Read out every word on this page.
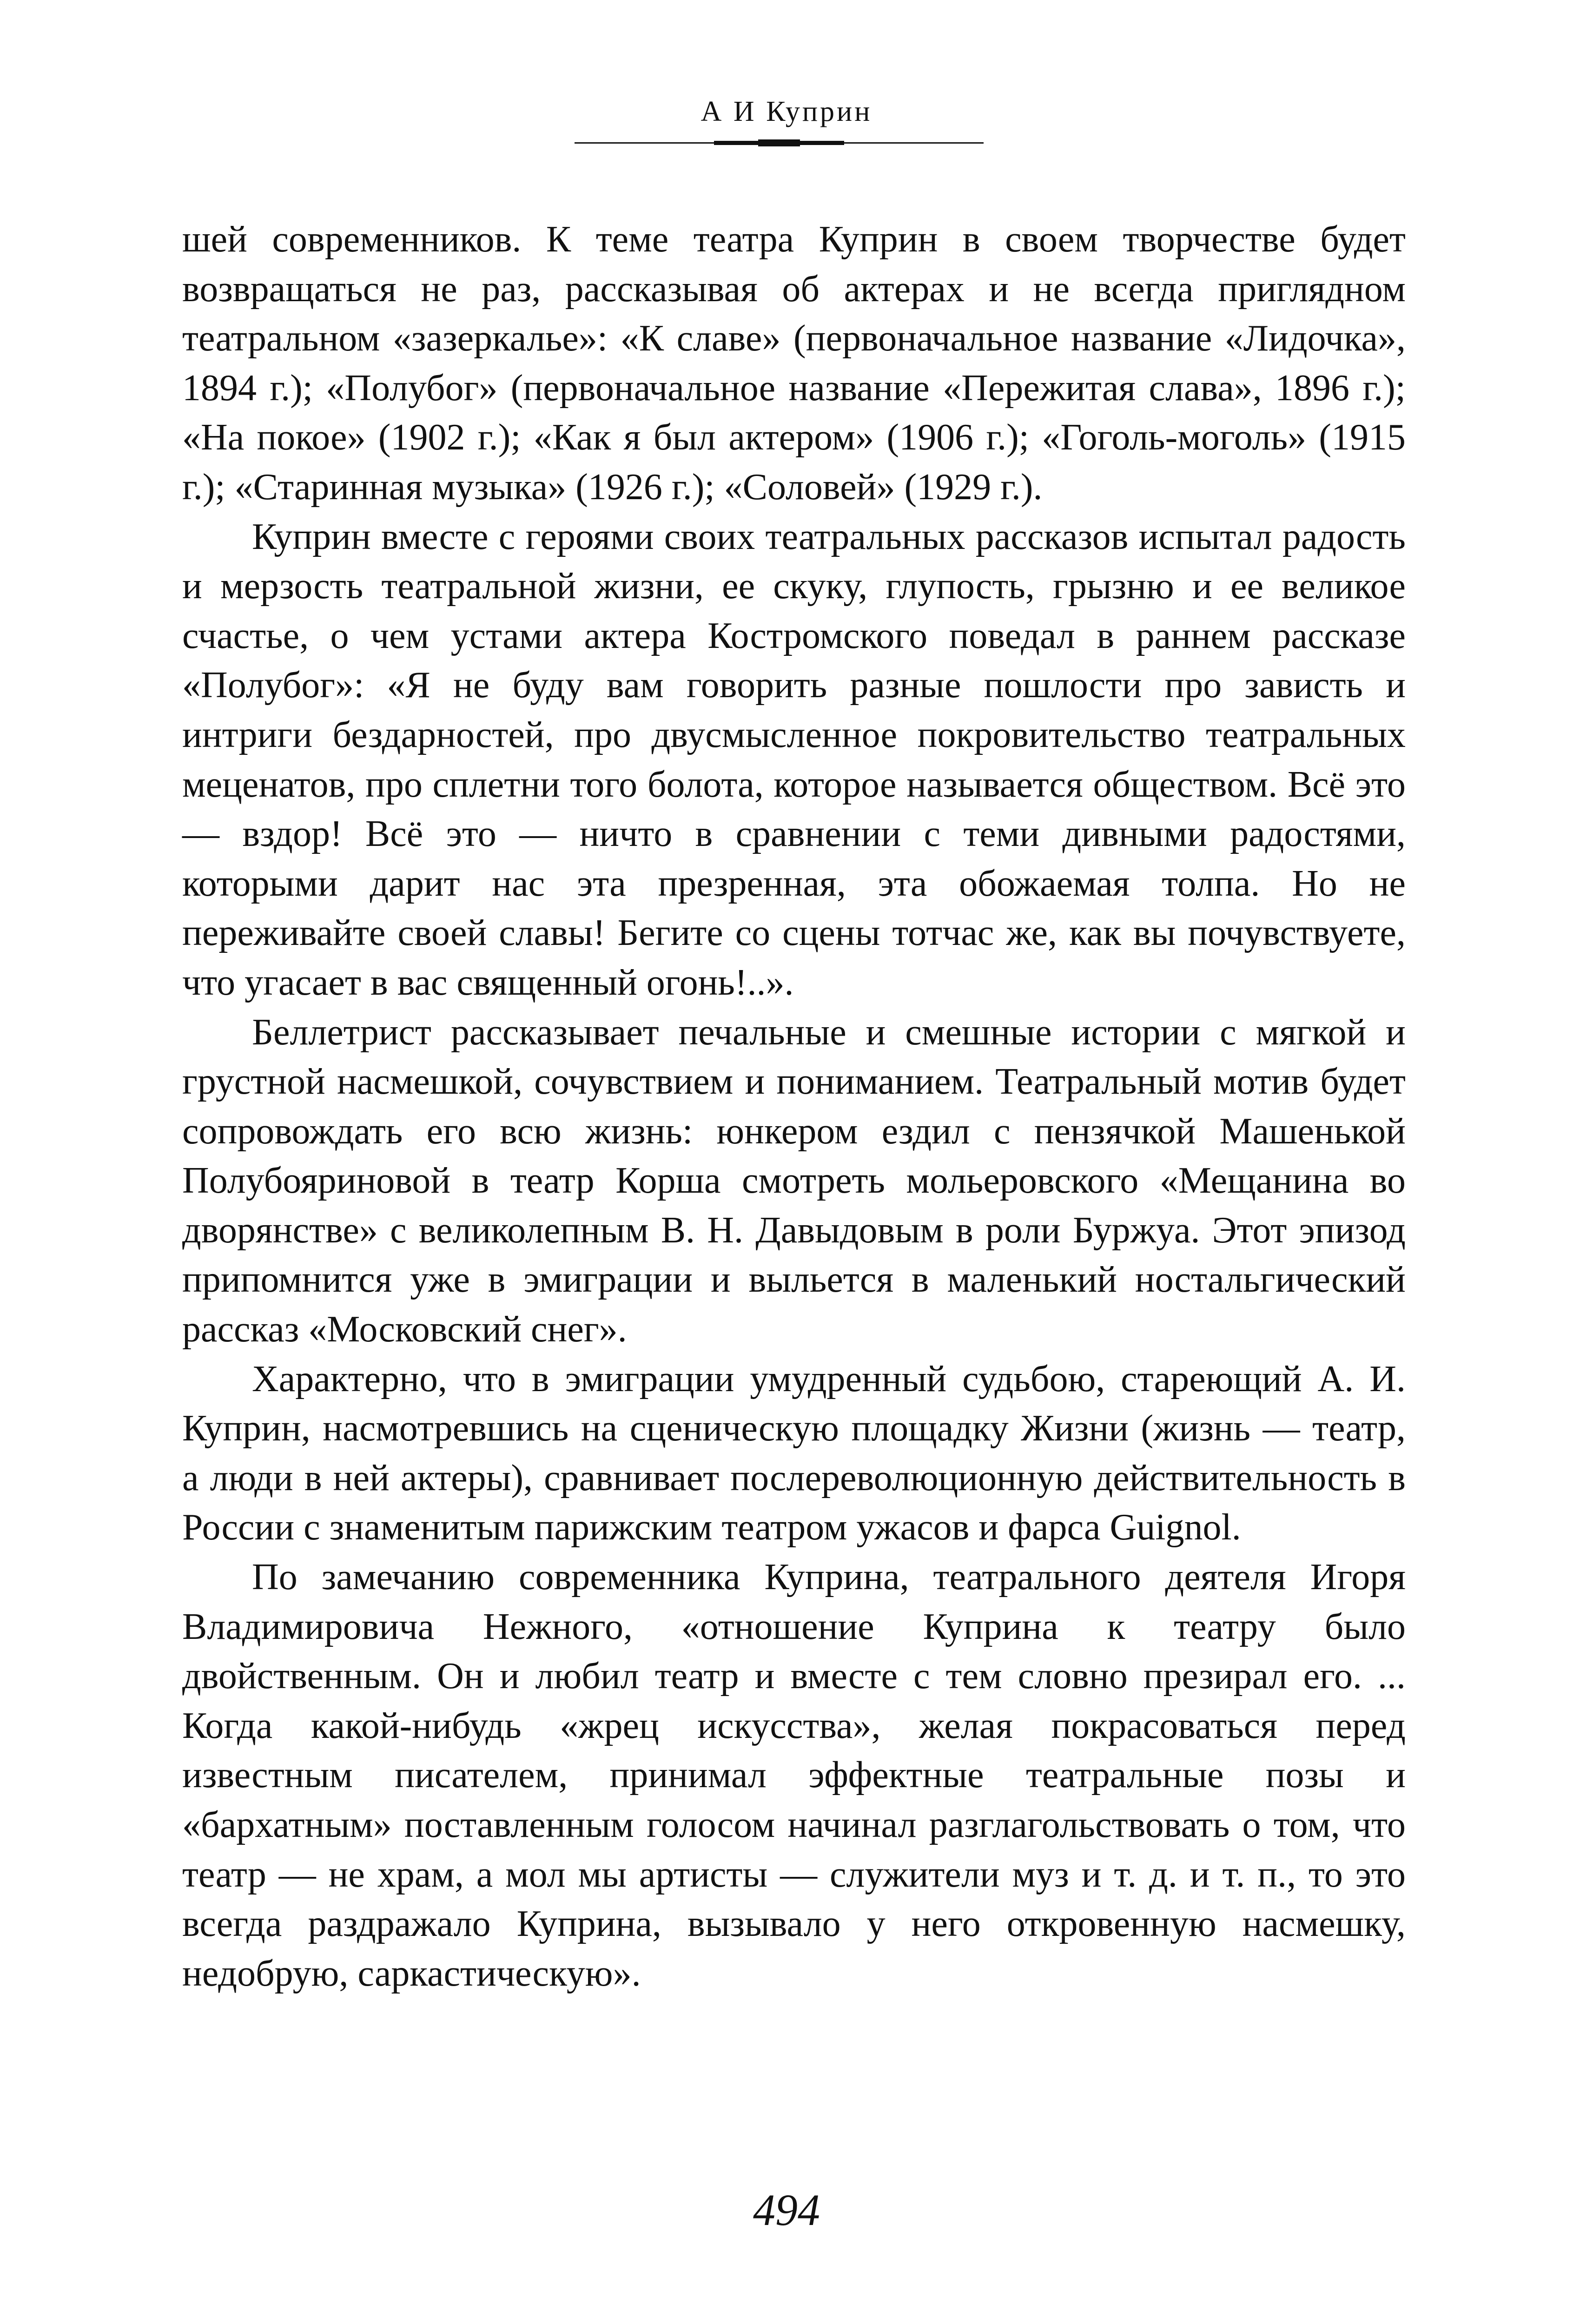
А И Куприн

шей современников. К теме театра Куприн в своем творчестве будет возвращаться не раз, рассказывая об актерах и не всегда приглядном театральном «зазеркалье»: «К славе» (первоначальное название «Лидочка», 1894 г.); «Полубог» (первоначальное название «Пережитая слава», 1896 г.); «На покое» (1902 г.); «Как я был актером» (1906 г.); «Гоголь-моголь» (1915 г.); «Старинная музыка» (1926 г.); «Соловей» (1929 г.).

Куприн вместе с героями своих театральных рассказов испытал радость и мерзость театральной жизни, ее скуку, глупость, грызню и ее великое счастье, о чем устами актера Костромского поведал в раннем рассказе «Полубог»: «Я не буду вам говорить разные пошлости про зависть и интриги бездарностей, про двусмысленное покровительство театральных меценатов, про сплетни того болота, которое называется обществом. Всё это — вздор! Всё это — ничто в сравнении с теми дивными радостями, которыми дарит нас эта презренная, эта обожаемая толпа. Но не переживайте своей славы! Бегите со сцены тотчас же, как вы почувствуете, что угасает в вас священный огонь!..».

Беллетрист рассказывает печальные и смешные истории с мягкой и грустной насмешкой, сочувствием и пониманием. Театральный мотив будет сопровождать его всю жизнь: юнкером ездил с пензячкой Машенькой Полубояриновой в театр Корша смотреть мольеровского «Мещанина во дворянстве» с великолепным В. Н. Давыдовым в роли Буржуа. Этот эпизод припомнится уже в эмиграции и выльется в маленький ностальгический рассказ «Московский снег».

Характерно, что в эмиграции умудренный судьбою, стареющий А. И. Куприн, насмотревшись на сценическую площадку Жизни (жизнь — театр, а люди в ней актеры), сравнивает послереволюционную действительность в России с знаменитым парижским театром ужасов и фарса Guignol.

По замечанию современника Куприна, театрального деятеля Игоря Владимировича Нежного, «отношение Куприна к театру было двойственным. Он и любил театр и вместе с тем словно презирал его. ... Когда какой-нибудь «жрец искусства», желая покрасоваться перед известным писателем, принимал эффектные театральные позы и «бархатным» поставленным голосом начинал разглагольствовать о том, что театр — не храм, а мол мы артисты — служители муз и т. д. и т. п., то это всегда раздражало Куприна, вызывало у него откровенную насмешку, недобрую, саркастическую».

494
